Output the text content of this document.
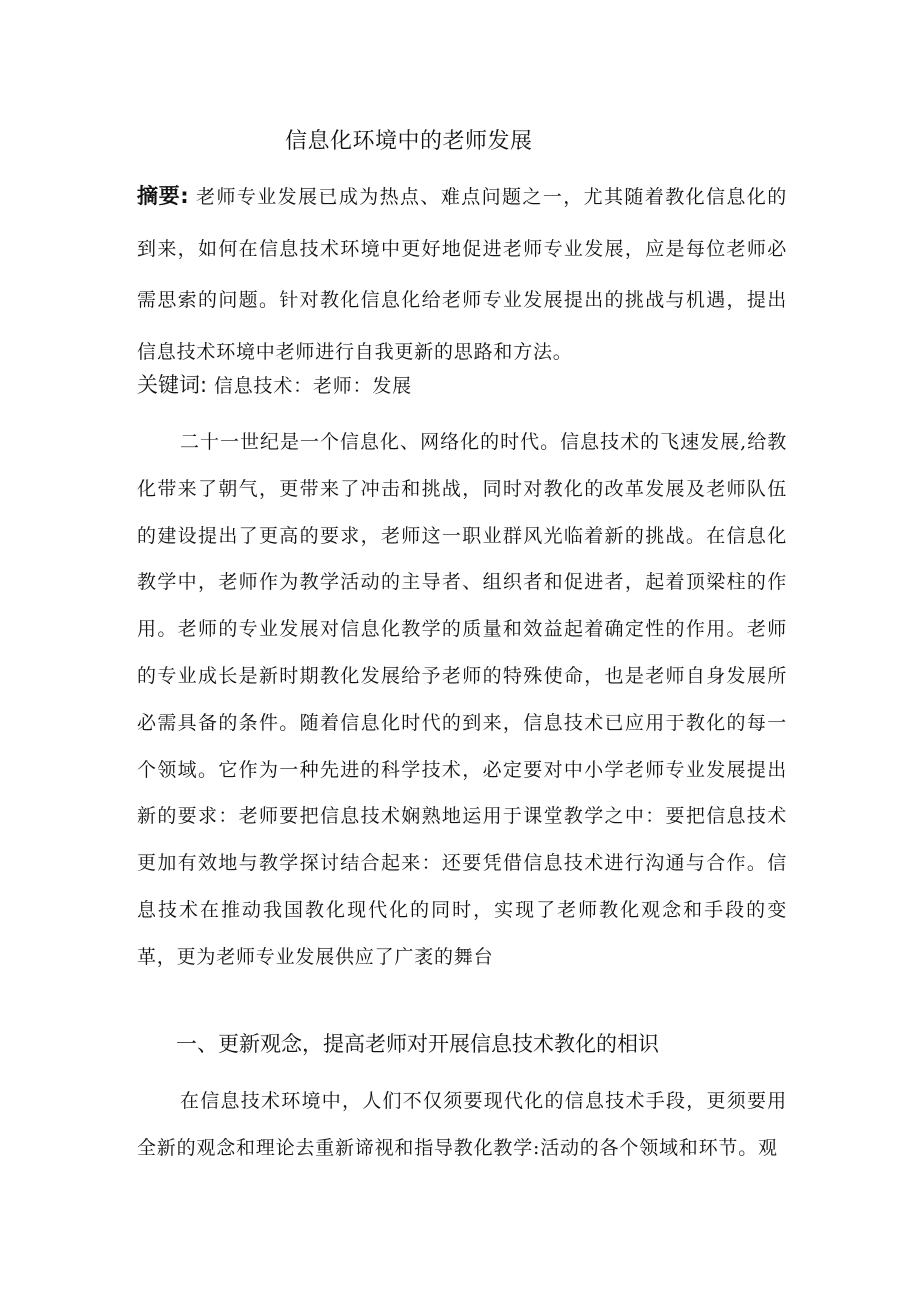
信息化环境中的老师发展
摘要: 老师专业发展已成为热点、难点问题之一，尤其随着教化信息化的到来，如何在信息技术环境中更好地促进老师专业发展，应是每位老师必需思索的问题。针对教化信息化给老师专业发展提出的挑战与机遇，提出信息技术环境中老师进行自我更新的思路和方法。
关键词: 信息技术：老师：发展

二十一世纪是一个信息化、网络化的时代。信息技术的飞速发展,给教化带来了朝气，更带来了冲击和挑战，同时对教化的改革发展及老师队伍的建设提出了更高的要求，老师这一职业群风光临着新的挑战。在信息化教学中，老师作为教学活动的主导者、组织者和促进者，起着顶梁柱的作用。老师的专业发展对信息化教学的质量和效益起着确定性的作用。老师的专业成长是新时期教化发展给予老师的特殊使命，也是老师自身发展所必需具备的条件。随着信息化时代的到来，信息技术已应用于教化的每一个领域。它作为一种先进的科学技术，必定要对中小学老师专业发展提出新的要求：老师要把信息技术娴熟地运用于课堂教学之中：要把信息技术更加有效地与教学探讨结合起来：还要凭借信息技术进行沟通与合作。信息技术在推动我国教化现代化的同时，实现了老师教化观念和手段的变革，更为老师专业发展供应了广袤的舞台

一、更新观念，提高老师对开展信息技术教化的相识

在信息技术环境中，人们不仅须要现代化的信息技术手段，更须要用全新的观念和理论去重新谛视和指导教化教学:活动的各个领域和环节。观
